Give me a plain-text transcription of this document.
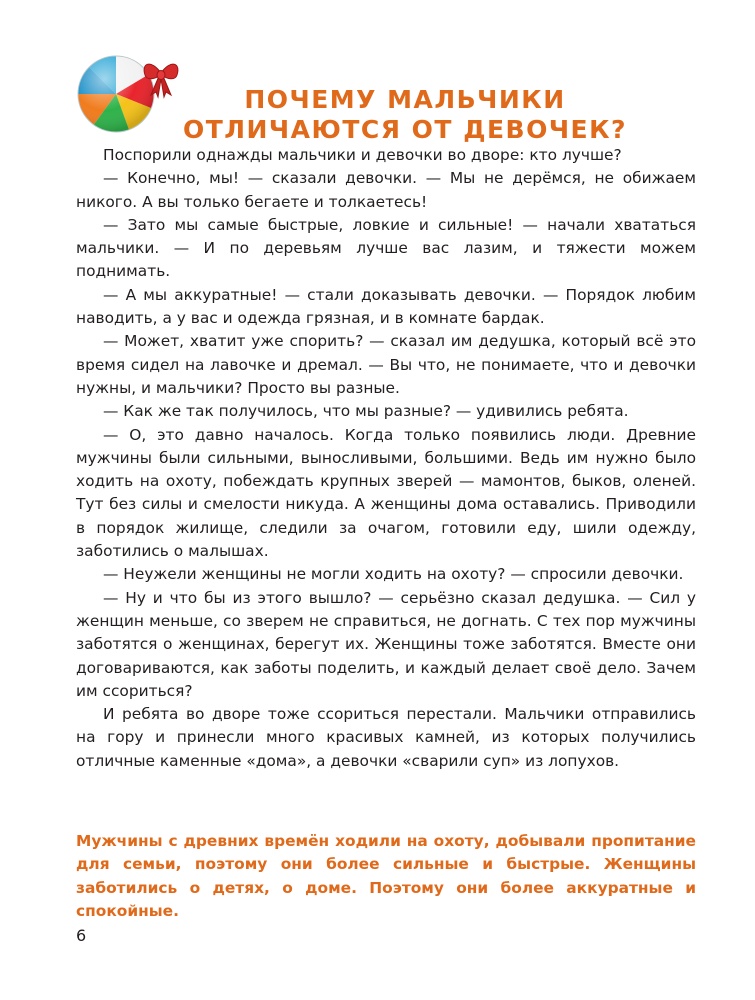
ПОЧЕМУ МАЛЬЧИКИ
ОТЛИЧАЮТСЯ ОТ ДЕВОЧЕК?

Поспорили однажды мальчики и девочки во дворе: кто лучше?

— Конечно, мы! — сказали девочки. — Мы не дерёмся, не обижаем никого. А вы только бегаете и толкаетесь!

— Зато мы самые быстрые, ловкие и сильные! — начали хвататься мальчики. — И по деревьям лучше вас лазим, и тяжести можем поднимать.

— А мы аккуратные! — стали доказывать девочки. — Порядок любим наводить, а у вас и одежда грязная, и в комнате бардак.

— Может, хватит уже спорить? — сказал им дедушка, который всё это время сидел на лавочке и дремал. — Вы что, не понимаете, что и девочки нужны, и мальчики? Просто вы разные.

— Как же так получилось, что мы разные? — удивились ребята.

— О, это давно началось. Когда только появились люди. Древние мужчины были сильными, выносливыми, большими. Ведь им нужно было ходить на охоту, побеждать крупных зверей — мамонтов, быков, оленей. Тут без силы и смелости никуда. А женщины дома оставались. Приводили в порядок жилище, следили за очагом, готовили еду, шили одежду, заботились о малышах.

— Неужели женщины не могли ходить на охоту? — спросили девочки.

— Ну и что бы из этого вышло? — серьёзно сказал дедушка. — Сил у женщин меньше, со зверем не справиться, не догнать. С тех пор мужчины заботятся о женщинах, берегут их. Женщины тоже заботятся. Вместе они договариваются, как заботы поделить, и каждый делает своё дело. Зачем им ссориться?

И ребята во дворе тоже ссориться перестали. Мальчики отправились на гору и принесли много красивых камней, из которых получились отличные каменные «дома», а девочки «сварили суп» из лопухов.

Мужчины с древних времён ходили на охоту, добывали пропитание для семьи, поэтому они более сильные и быстрые. Женщины заботились о детях, о доме. Поэтому они более аккуратные и спокойные.
6
